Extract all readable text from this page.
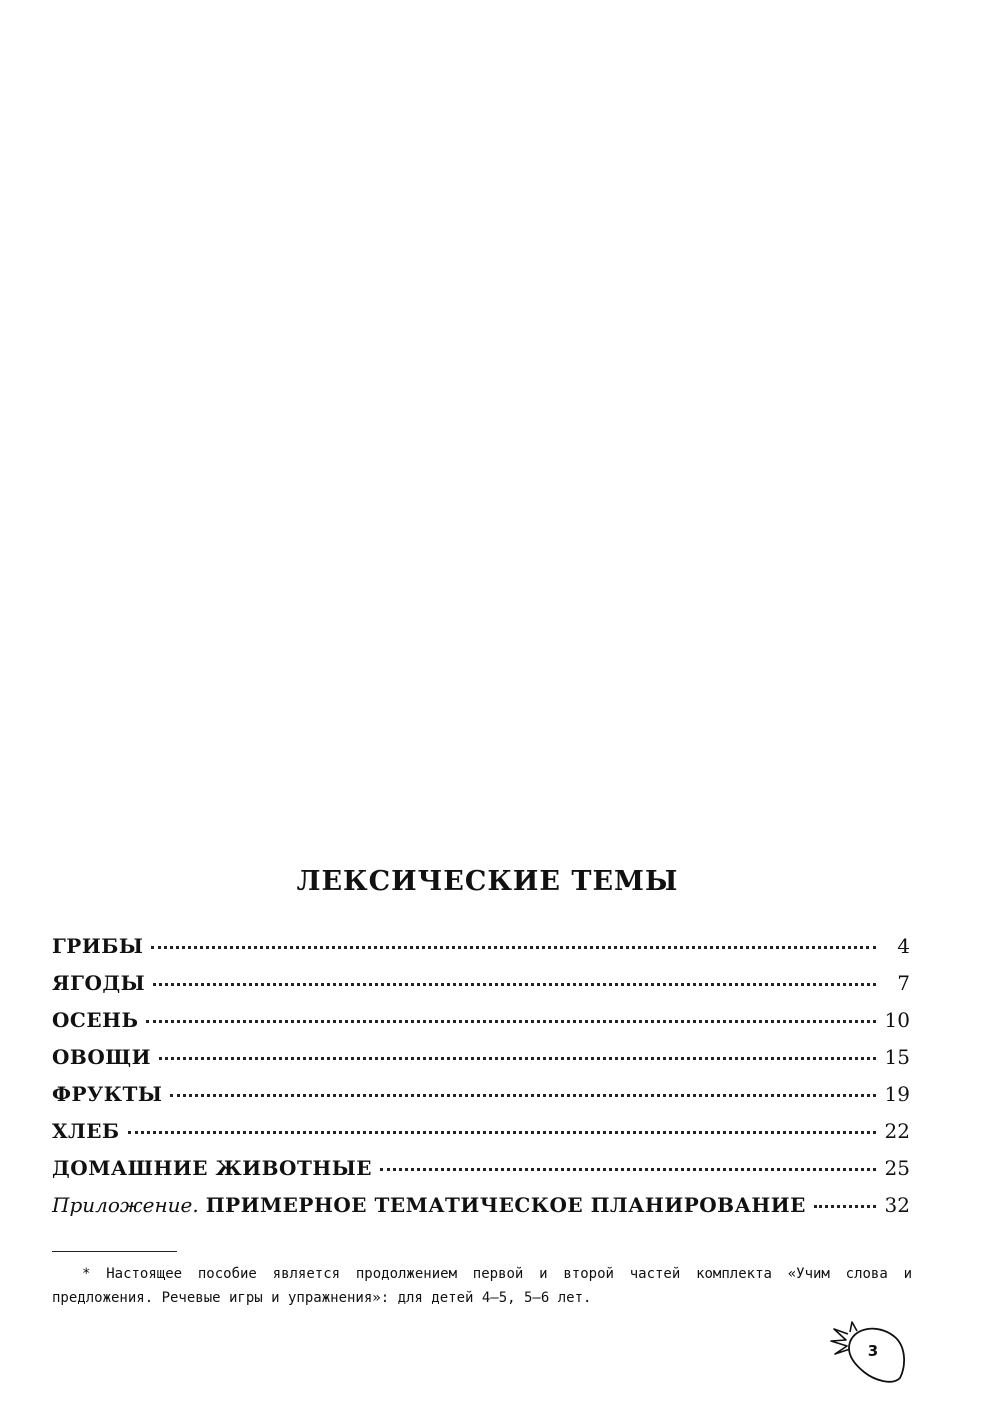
ЛЕКСИЧЕСКИЕ ТЕМЫ
ГРИБЫ	4
ЯГОДЫ	7
ОСЕНЬ	10
ОВОЩИ	15
ФРУКТЫ	19
ХЛЕБ	22
ДОМАШНИЕ ЖИВОТНЫЕ	25
Приложение. ПРИМЕРНОЕ ТЕМАТИЧЕСКОЕ ПЛАНИРОВАНИЕ	32
* Настоящее пособие является продолжением первой и второй частей комплекта «Учим слова и предложения. Речевые игры и упражнения»: для детей 4–5, 5–6 лет.
3
